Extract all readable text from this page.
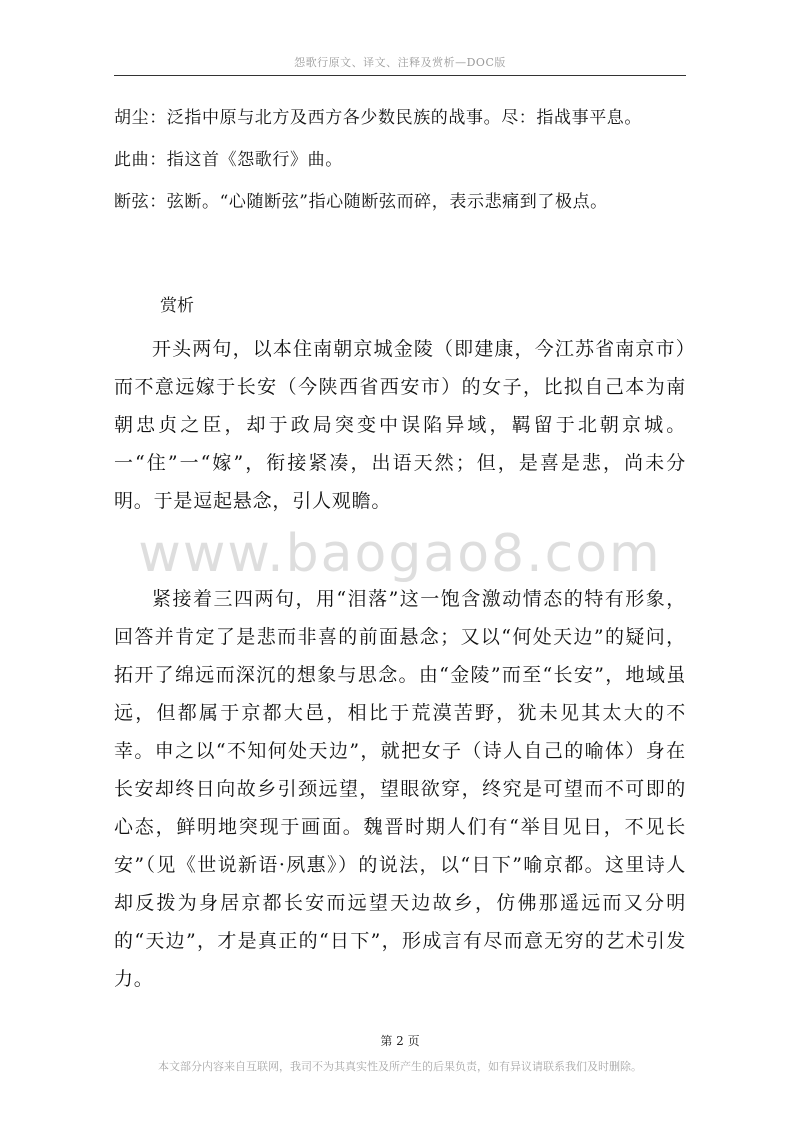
怨歌行原文、译文、注释及赏析—DOC版
胡尘：泛指中原与北方及西方各少数民族的战事。尽：指战事平息。
此曲：指这首《怨歌行》曲。
断弦：弦断。“心随断弦”指心随断弦而碎，表示悲痛到了极点。
赏析

开头两句，以本住南朝京城金陵（即建康，今江苏省南京市）而不意远嫁于长安（今陕西省西安市）的女子，比拟自己本为南朝忠贞之臣，却于政局突变中误陷异域，羁留于北朝京城。一“住”一“嫁”，衔接紧凑，出语天然；但，是喜是悲，尚未分明。于是逗起悬念，引人观瞻。

www.baogao8.com

紧接着三四两句，用“泪落”这一饱含激动情态的特有形象，回答并肯定了是悲而非喜的前面悬念；又以“何处天边”的疑问，拓开了绵远而深沉的想象与思念。由“金陵”而至“长安”，地域虽远，但都属于京都大邑，相比于荒漠苦野，犹未见其太大的不幸。申之以“不知何处天边”，就把女子（诗人自己的喻体）身在长安却终日向故乡引颈远望，望眼欲穿，终究是可望而不可即的心态，鲜明地突现于画面。魏晋时期人们有“举目见日，不见长安”（见《世说新语·夙惠》）的说法，以“日下”喻京都。这里诗人却反拨为身居京都长安而远望天边故乡，仿佛那遥远而又分明的“天边”，才是真正的“日下”，形成言有尽而意无穷的艺术引发力。

第 2 页
本文部分内容来自互联网，我司不为其真实性及所产生的后果负责，如有异议请联系我们及时删除。
